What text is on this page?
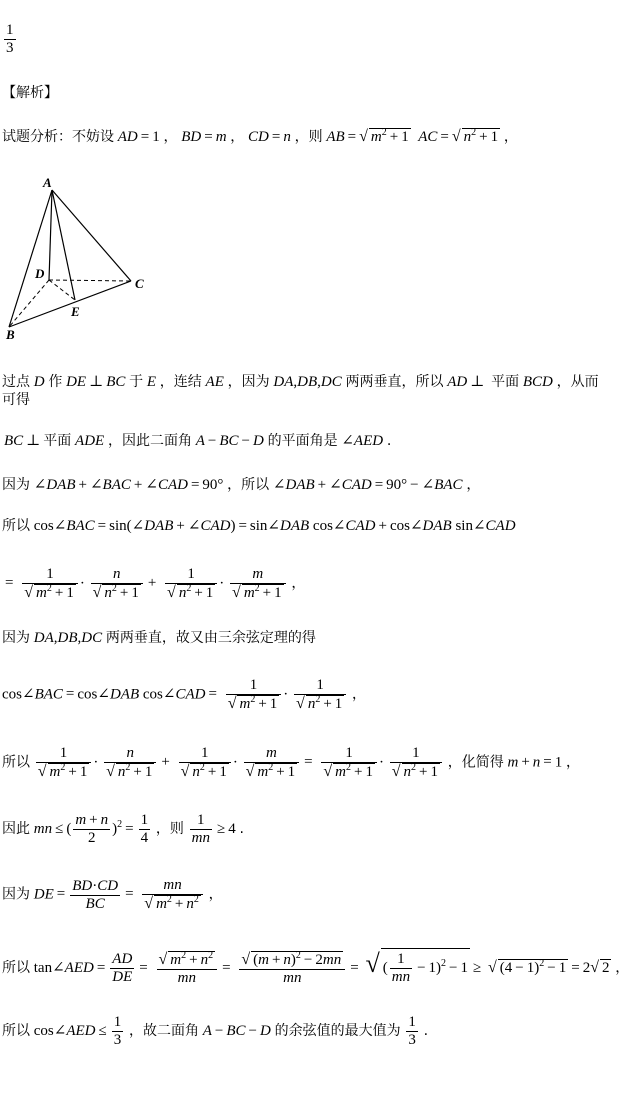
$\frac{1}{3}$
【解析】
试题分析：不妨设 AD = 1 ， BD = m ， CD = n ，则 AB = √ $m^2 + 1$  AC = √ $n^2 + 1$ ，
A
D
C
E
B
过点 D 作 DE ⊥ BC 于 E ，连结 AE ，因为 DA,DB,DC 两两垂直，所以 AD ⊥ 平面 BCD ，从而
可得
BC ⊥ 平面 ADE ，因此二面角 A − BC − D 的平面角是 ∠AED .
因为 ∠DAB + ∠BAC + ∠CAD = 90° ，所以 ∠DAB + ∠CAD = 90° − ∠BAC ，
所以 cos∠BAC = sin(∠DAB + ∠CAD) = sin∠DAB cos∠CAD + cos∠DAB sin∠CAD
= $\frac{1}{√ m^2 + 1} \cdot \frac{n}{√ n^2 + 1} + \frac{1}{√ n^2 + 1} \cdot \frac{m}{√ m^2 + 1}$ ，
因为 DA,DB,DC 两两垂直，故又由三余弦定理的得
cos∠BAC = cos∠DAB cos∠CAD = $\frac{1}{√ m^2 + 1} \cdot \frac{1}{√ n^2 + 1}$ ，
所以 $\frac{1}{√ m^2 + 1} \cdot \frac{n}{√ n^2 + 1} + \frac{1}{√ n^2 + 1} \cdot \frac{m}{√ m^2 + 1} = \frac{1}{√ m^2 + 1} \cdot \frac{1}{√ n^2 + 1}$ ，化简得 m + n = 1 ，
因此 mn ≤ ( $\frac{m + n}{2} )^2 = \frac{1}{4}$ ，则 $\frac{1}{mn} \ge 4$ .
因为 DE = $\frac{BD\cdot CD}{BC} = \frac{mn}{√ m^2 + n^2}$ ，
所以 tan∠AED = $\frac{AD}{DE} = \frac{√ m^2 + n^2}{mn} = \frac{√ (m + n)^2 - 2mn}{mn}$ = √ ( $\frac{1}{mn} - 1)^2 - 1$ ≥ √ $(4 - 1)^2 - 1 = 2√$ 2 ，
所以 cos∠AED ≤ $\frac{1}{3}$ ，故二面角 A − BC − D 的余弦值的最大值为 $\frac{1}{3}$ .
